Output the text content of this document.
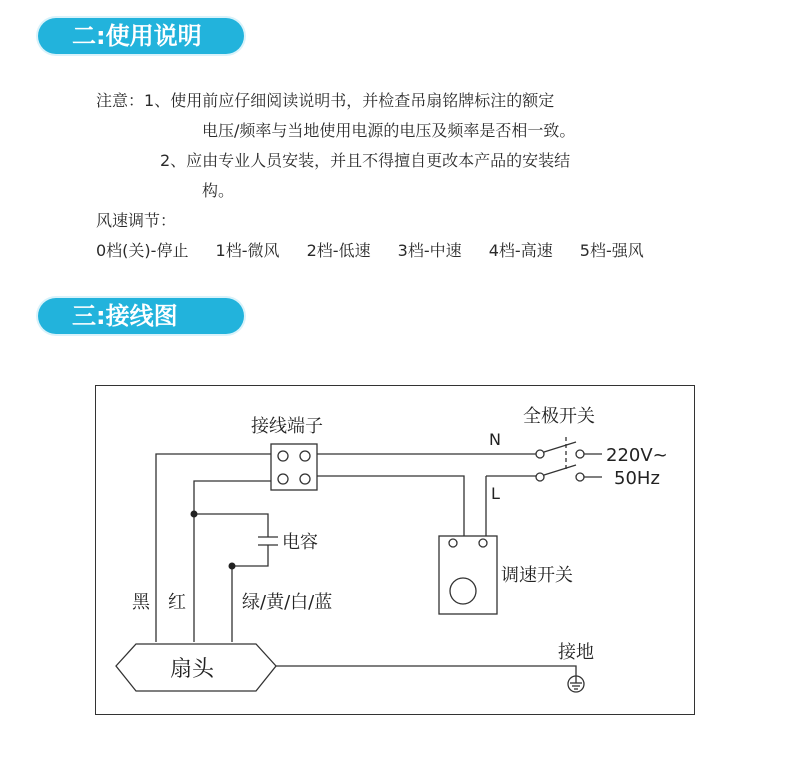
二:使用说明
注意：1、使用前应仔细阅读说明书，并检查吊扇铭牌标注的额定
电压/频率与当地使用电源的电压及频率是否相一致。
2、应由专业人员安装，并且不得擅自更改本产品的安装结
构。
风速调节：
0档(关)-停止 1档-微风 2档-低速 3档-中速 4档-高速 5档-强风
三:接线图
接线端子	全极开关
N
L
220V~
50Hz
电容
调速开关
黑 红	绿/黄/白/蓝
接地
扇头
